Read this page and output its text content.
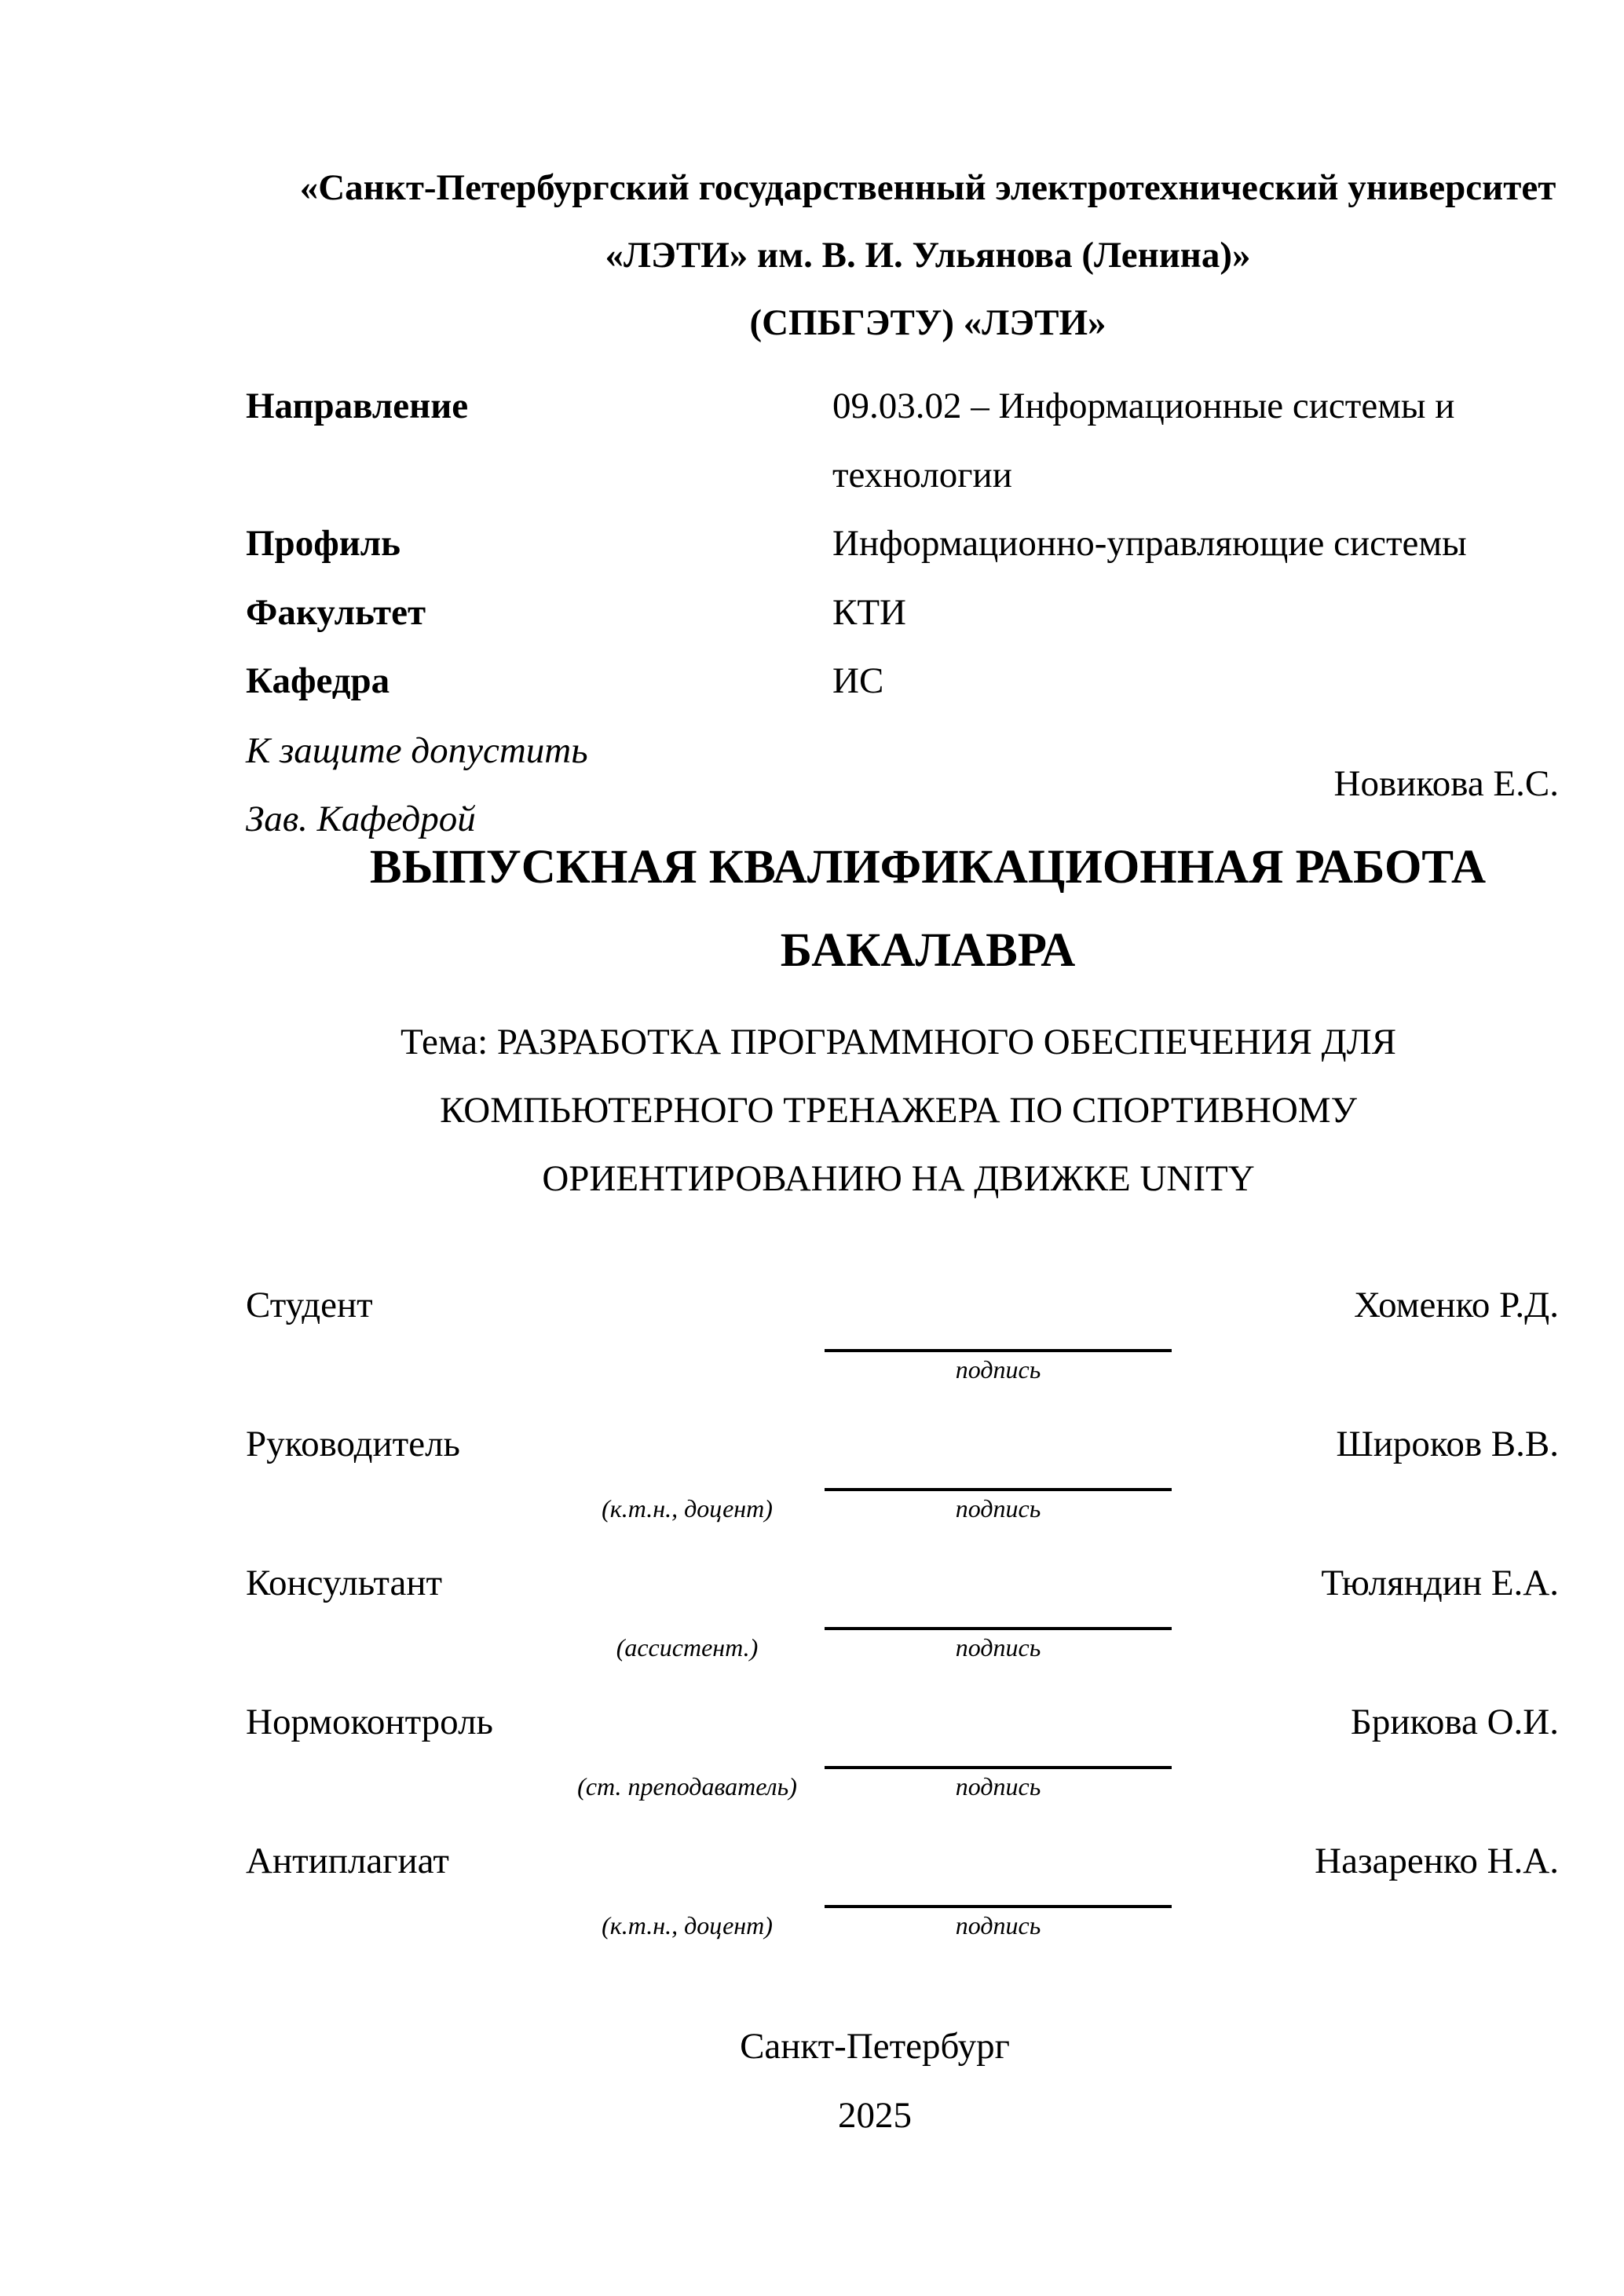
«Санкт-Петербургский государственный электротехнический университет
«ЛЭТИ» им. В. И. Ульянова (Ленина)»
(СПБГЭТУ) «ЛЭТИ»
Направление	09.03.02 – Информационные системы и
технологии
Профиль	Информационно-управляющие системы
Факультет	КТИ
Кафедра	ИС
К защите допустить
Новикова Е.С.
Зав. Кафедрой
ВЫПУСКНАЯ КВАЛИФИКАЦИОННАЯ РАБОТА
БАКАЛАВРА
Тема: РАЗРАБОТКА ПРОГРАММНОГО ОБЕСПЕЧЕНИЯ ДЛЯ
КОМПЬЮТЕРНОГО ТРЕНАЖЕРА ПО СПОРТИВНОМУ
ОРИЕНТИРОВАНИЮ НА ДВИЖКЕ UNITY
Студент	Хоменко Р.Д.
подпись
Руководитель	Широков В.В.
(к.т.н., доцент)	подпись
Консультант	Тюляндин Е.А.
(ассистент.)	подпись
Нормоконтроль	Брикова О.И.
(ст. преподаватель)	подпись
Антиплагиат	Назаренко Н.А.
(к.т.н., доцент)	подпись
Санкт-Петербург
2025
